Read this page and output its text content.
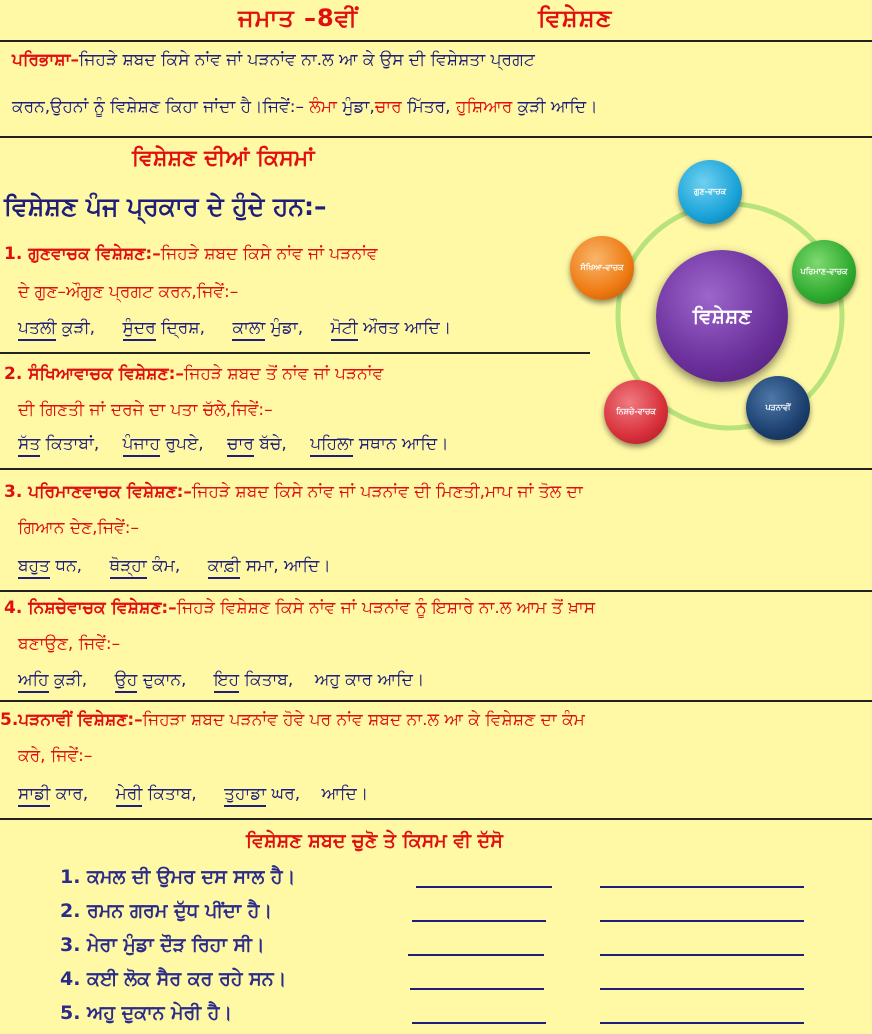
ਜਮਾਤ –8ਵੀਂ	ਵਿਸ਼ੇਸ਼ਣ
ਪਰਿਭਾਸ਼ਾ–ਜਿਹੜੇ ਸ਼ਬਦ ਕਿਸੇ ਨਾਂਵ ਜਾਂ ਪੜਨਾਂਵ ਨਾ.ਲ ਆ ਕੇ ਉਸ ਦੀ ਵਿਸ਼ੇਸ਼ਤਾ ਪ੍ਰਗਟ
ਕਰਨ,ਉਹਨਾਂ ਨੂੰ ਵਿਸ਼ੇਸ਼ਣ ਕਿਹਾ ਜਾਂਦਾ ਹੈ।ਜਿਵੇਂ:– ਲੰਮਾ ਮੁੰਡਾ,ਚਾਰ ਮਿੱਤਰ, ਹੁਸ਼ਿਆਰ ਕੁੜੀ ਆਦਿ।
ਵਿਸ਼ੇਸ਼ਣ ਦੀਆਂ ਕਿਸਮਾਂ
ਵਿਸ਼ੇਸ਼ਣ ਪੰਜ ਪ੍ਰਕਾਰ ਦੇ ਹੁੰਦੇ ਹਨ:–
1. ਗੁਣਵਾਚਕ ਵਿਸ਼ੇਸ਼ਣ:–ਜਿਹੜੇ ਸ਼ਬਦ ਕਿਸੇ ਨਾਂਵ ਜਾਂ ਪੜਨਾਂਵ
ਦੇ ਗੁਣ–ਔਗੁਣ ਪ੍ਰਗਟ ਕਰਨ,ਜਿਵੇਂ:–
ਪਤਲੀ ਕੁੜੀ, ਸੁੰਦਰ ਦ੍ਰਿਸ਼, ਕਾਲਾ ਮੁੰਡਾ, ਮੋਟੀ ਔਰਤ ਆਦਿ।
2. ਸੰਖਿਆਵਾਚਕ ਵਿਸ਼ੇਸ਼ਣ:–ਜਿਹੜੇ ਸ਼ਬਦ ਤੋਂ ਨਾਂਵ ਜਾਂ ਪੜਨਾਂਵ
ਦੀ ਗਿਣਤੀ ਜਾਂ ਦਰਜੇ ਦਾ ਪਤਾ ਚੱਲੇ,ਜਿਵੇਂ:–
ਸੱਤ ਕਿਤਾਬਾਂ, ਪੰਜਾਹ ਰੁਪਏ, ਚਾਰ ਬੱਚੇ, ਪਹਿਲਾ ਸਥਾਨ ਆਦਿ।
3. ਪਰਿਮਾਣਵਾਚਕ ਵਿਸ਼ੇਸ਼ਣ:–ਜਿਹੜੇ ਸ਼ਬਦ ਕਿਸੇ ਨਾਂਵ ਜਾਂ ਪੜਨਾਂਵ ਦੀ ਮਿਣਤੀ,ਮਾਪ ਜਾਂ ਤੋਲ ਦਾ
ਗਿਆਨ ਦੇਣ,ਜਿਵੇਂ:–
ਬਹੁਤ ਧਨ, ਥੋੜ੍ਹਾ ਕੰਮ, ਕਾਫ਼ੀ ਸਮਾ, ਆਦਿ।
4. ਨਿਸ਼ਚੇਵਾਚਕ ਵਿਸ਼ੇਸ਼ਣ:–ਜਿਹੜੇ ਵਿਸ਼ੇਸ਼ਣ ਕਿਸੇ ਨਾਂਵ ਜਾਂ ਪੜਨਾਂਵ ਨੂੰ ਇਸ਼ਾਰੇ ਨਾ.ਲ ਆਮ ਤੋਂ ਖ਼ਾਸ
ਬਣਾਉਣ, ਜਿਵੇਂ:–
ਅਹਿ ਕੁੜੀ, ਉਹ ਦੁਕਾਨ, ਇਹ ਕਿਤਾਬ, ਅਹੁ ਕਾਰ ਆਦਿ।
5.ਪੜਨਾਵੀਂ ਵਿਸ਼ੇਸ਼ਣ:–ਜਿਹੜਾ ਸ਼ਬਦ ਪੜਨਾਂਵ ਹੋਵੇ ਪਰ ਨਾਂਵ ਸ਼ਬਦ ਨਾ.ਲ ਆ ਕੇ ਵਿਸ਼ੇਸ਼ਣ ਦਾ ਕੰਮ
ਕਰੇ, ਜਿਵੇਂ:–
ਸਾਡੀ ਕਾਰ, ਮੇਰੀ ਕਿਤਾਬ, ਤੁਹਾਡਾ ਘਰ, ਆਦਿ।
ਵਿਸ਼ੇਸ਼ਣ ਸ਼ਬਦ ਚੁਣੋ ਤੇ ਕਿਸਮ ਵੀ ਦੱਸੋ
1. ਕਮਲ ਦੀ ਉਮਰ ਦਸ ਸਾਲ ਹੈ।
2. ਰਮਨ ਗਰਮ ਦੁੱਧ ਪੀਂਦਾ ਹੈ।
3. ਮੇਰਾ ਮੁੰਡਾ ਦੌੜ ਰਿਹਾ ਸੀ।
4. ਕਈ ਲੋਕ ਸੈਰ ਕਰ ਰਹੇ ਸਨ।
5. ਅਹੁ ਦੁਕਾਨ ਮੇਰੀ ਹੈ।
ਵਿਸ਼ੇਸ਼ਣ
ਗੁਣ-ਵਾਚਕ
ਪਰਿਮਾਣ-ਵਾਚਕ
ਪੜਨਾਵੀਂ
ਨਿਸ਼ਚੇ-ਵਾਚਕ
ਸੰਖਿਆ-ਵਾਚਕ
